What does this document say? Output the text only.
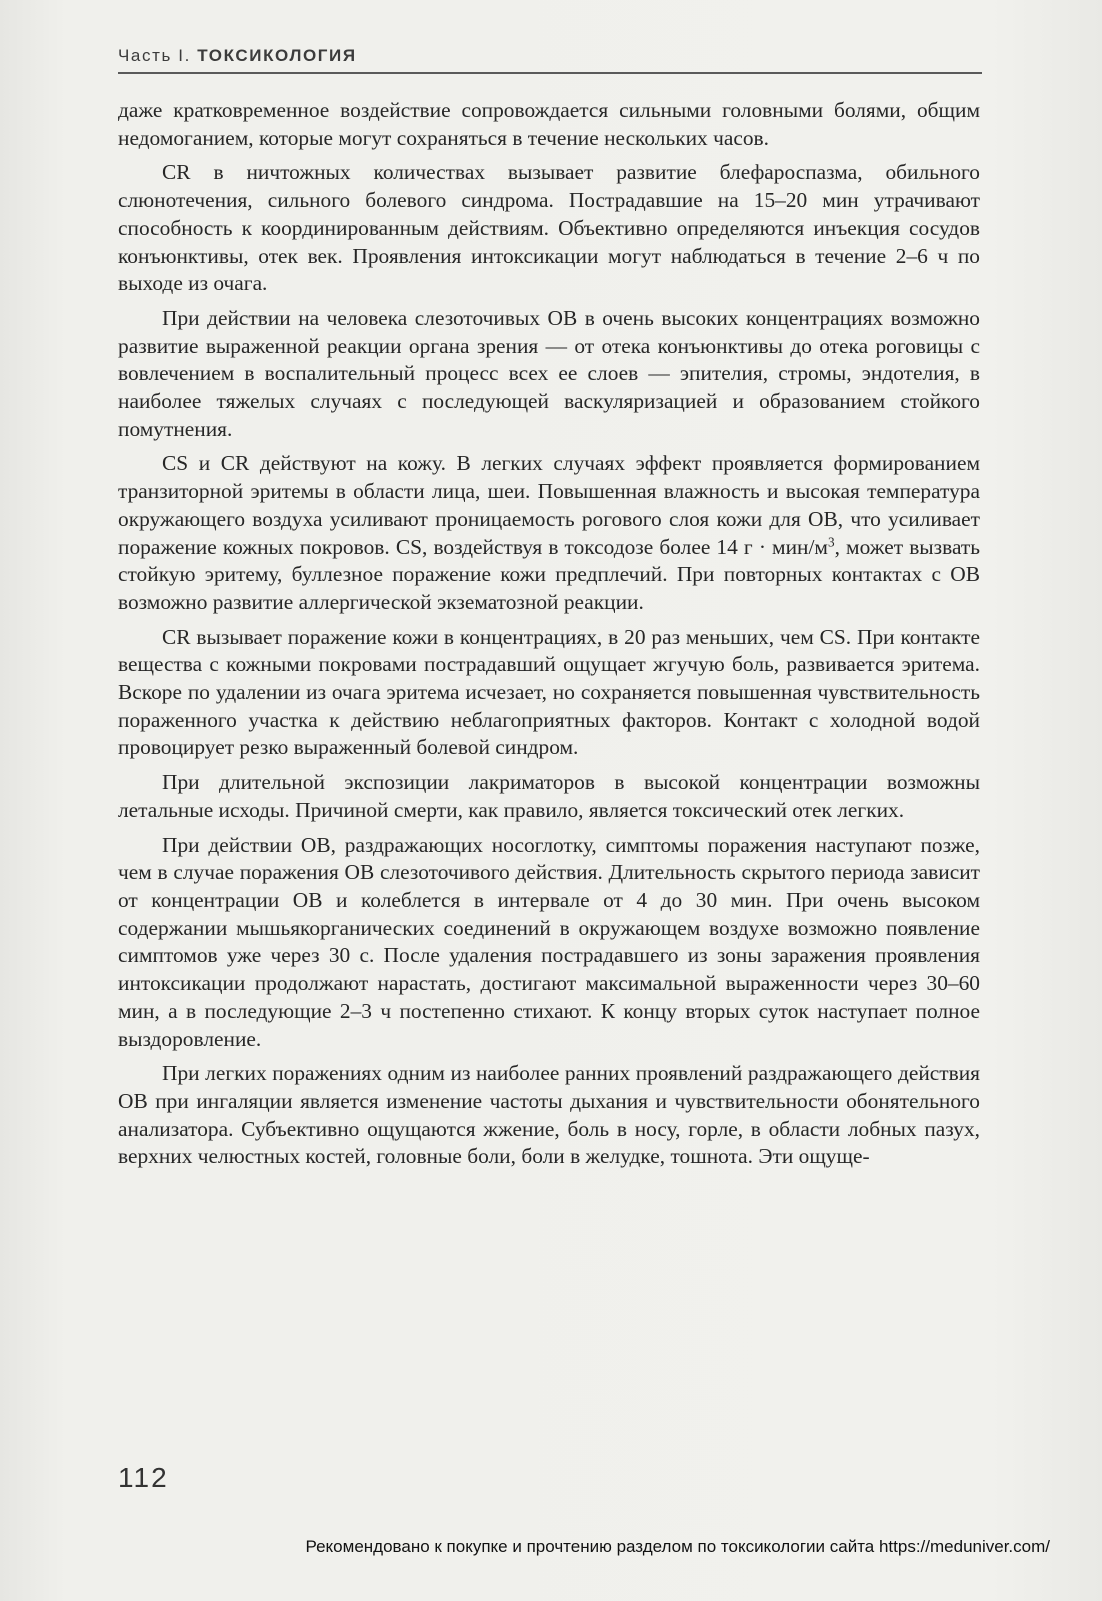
Часть I. ТОКСИКОЛОГИЯ

даже кратковременное воздействие сопровождается сильными головными болями, общим недомоганием, которые могут сохраняться в течение нескольких часов.

CR в ничтожных количествах вызывает развитие блефароспазма, обильного слюнотечения, сильного болевого синдрома. Пострадавшие на 15–20 мин утрачивают способность к координированным действиям. Объективно определяются инъекция сосудов конъюнктивы, отек век. Проявления интоксикации могут наблюдаться в течение 2–6 ч по выходе из очага.

При действии на человека слезоточивых ОВ в очень высоких концентрациях возможно развитие выраженной реакции органа зрения — от отека конъюнктивы до отека роговицы с вовлечением в воспалительный процесс всех ее слоев — эпителия, стромы, эндотелия, в наиболее тяжелых случаях с последующей васкуляризацией и образованием стойкого помутнения.

CS и CR действуют на кожу. В легких случаях эффект проявляется формированием транзиторной эритемы в области лица, шеи. Повышенная влажность и высокая температура окружающего воздуха усиливают проницаемость рогового слоя кожи для ОВ, что усиливает поражение кожных покровов. CS, воздействуя в токсодозе более 14 г · мин/$м^3$, может вызвать стойкую эритему, буллезное поражение кожи предплечий. При повторных контактах с ОВ возможно развитие аллергической экзематозной реакции.

CR вызывает поражение кожи в концентрациях, в 20 раз меньших, чем CS. При контакте вещества с кожными покровами пострадавший ощущает жгучую боль, развивается эритема. Вскоре по удалении из очага эритема исчезает, но сохраняется повышенная чувствительность пораженного участка к действию неблагоприятных факторов. Контакт с холодной водой провоцирует резко выраженный болевой синдром.

При длительной экспозиции лакриматоров в высокой концентрации возможны летальные исходы. Причиной смерти, как правило, является токсический отек легких.

При действии ОВ, раздражающих носоглотку, симптомы поражения наступают позже, чем в случае поражения ОВ слезоточивого действия. Длительность скрытого периода зависит от концентрации ОВ и колеблется в интервале от 4 до 30 мин. При очень высоком содержании мышьякорганических соединений в окружающем воздухе возможно появление симптомов уже через 30 с. После удаления пострадавшего из зоны заражения проявления интоксикации продолжают нарастать, достигают максимальной выраженности через 30–60 мин, а в последующие 2–3 ч постепенно стихают. К концу вторых суток наступает полное выздоровление.

При легких поражениях одним из наиболее ранних проявлений раздражающего действия ОВ при ингаляции является изменение частоты дыхания и чувствительности обонятельного анализатора. Субъективно ощущаются жжение, боль в носу, горле, в области лобных пазух, верхних челюстных костей, головные боли, боли в желудке, тошнота. Эти ощуще-

112
Рекомендовано к покупке и прочтению разделом по токсикологии сайта https://meduniver.com/
